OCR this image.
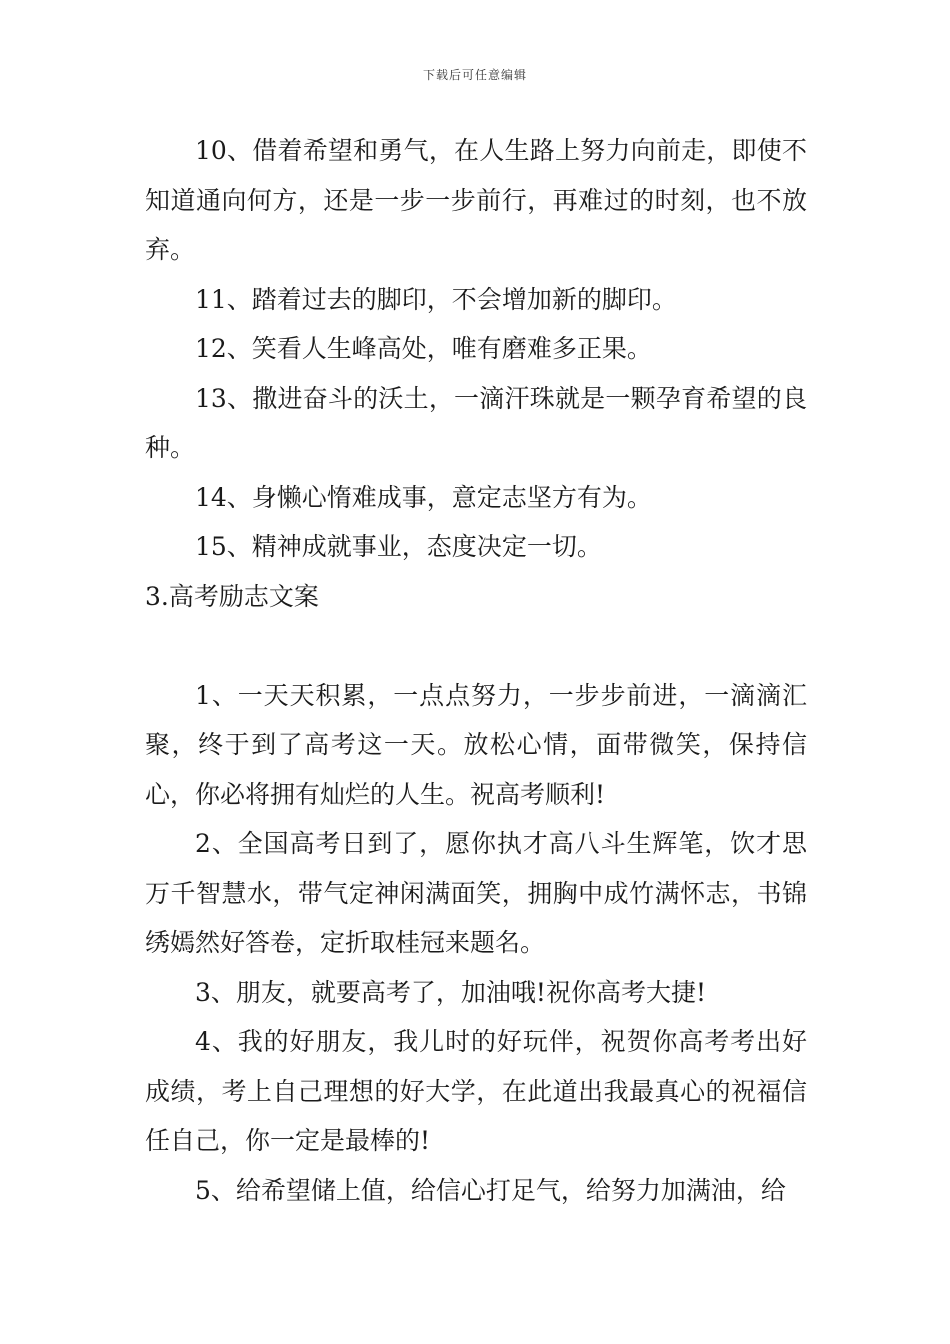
下载后可任意编辑

10、借着希望和勇气，在人生路上努力向前走，即使不知道通向何方，还是一步一步前行，再难过的时刻，也不放弃。

11、踏着过去的脚印，不会增加新的脚印。

12、笑看人生峰高处，唯有磨难多正果。

13、撒进奋斗的沃土，一滴汗珠就是一颗孕育希望的良种。

14、身懒心惰难成事，意定志坚方有为。

15、精神成就事业，态度决定一切。

3.高考励志文案

1、一天天积累，一点点努力，一步步前进，一滴滴汇聚，终于到了高考这一天。放松心情，面带微笑，保持信心，你必将拥有灿烂的人生。祝高考顺利!

2、全国高考日到了，愿你执才高八斗生辉笔，饮才思万千智慧水，带气定神闲满面笑，拥胸中成竹满怀志，书锦绣嫣然好答卷，定折取桂冠来题名。

3、朋友，就要高考了，加油哦!祝你高考大捷!

4、我的好朋友，我儿时的好玩伴，祝贺你高考考出好成绩，考上自己理想的好大学，在此道出我最真心的祝福信任自己，你一定是最棒的!

5、给希望储上值，给信心打足气，给努力加满油，给
